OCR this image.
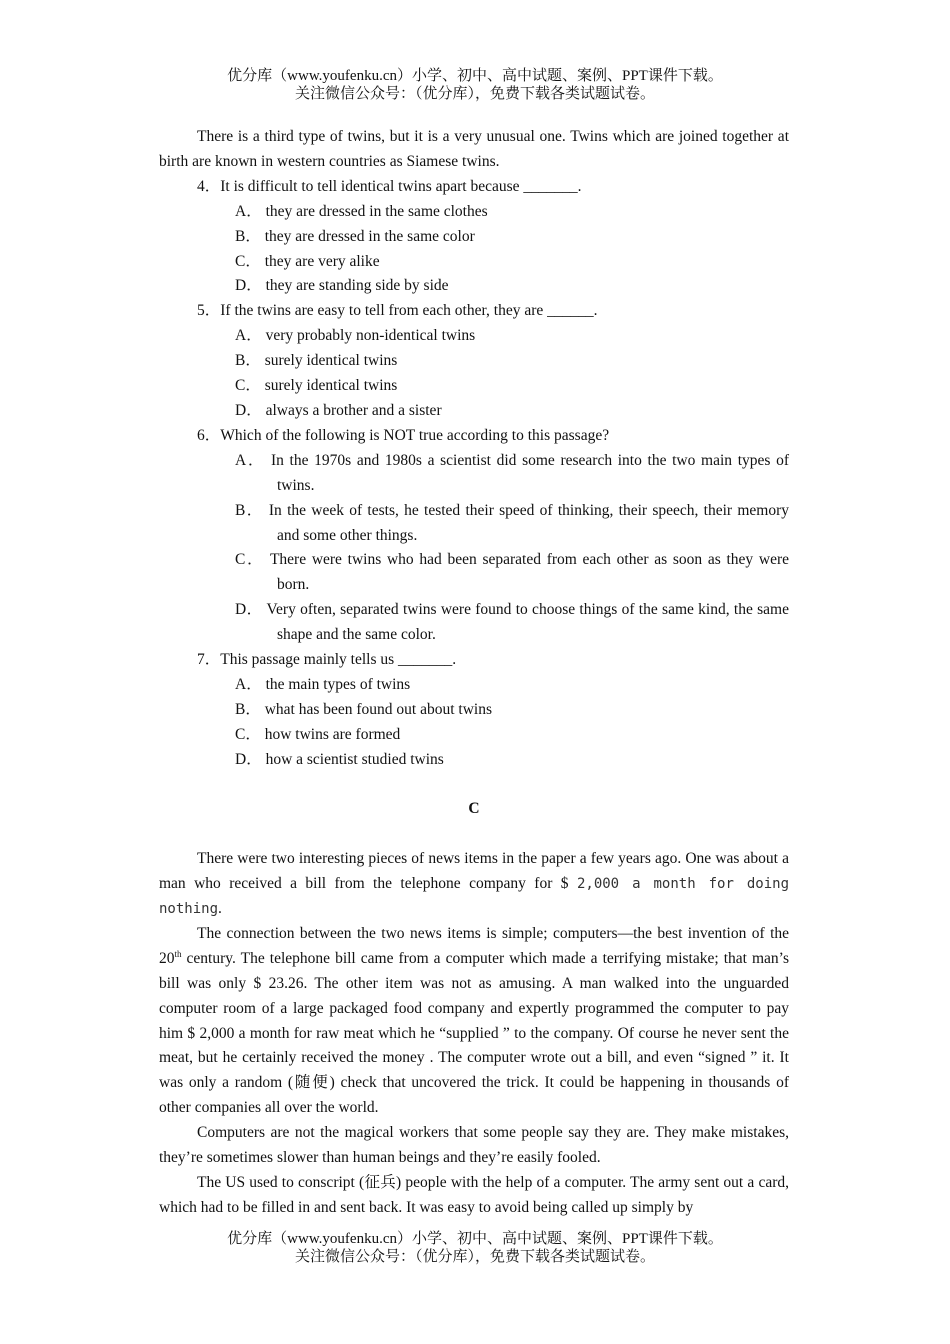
优分库（www.youfenku.cn）小学、初中、高中试题、案例、PPT课件下载。
关注微信公众号：（优分库），免费下载各类试题试卷。

There is a third type of twins, but it is a very unusual one. Twins which are joined together at birth are known in western countries as Siamese twins.

4．It is difficult to tell identical twins apart because _______.

A． they are dressed in the same clothes

B． they are dressed in the same color

C． they are very alike

D． they are standing side by side

5．If the twins are easy to tell from each other, they are ______.

A． very probably non-identical twins

B． surely identical twins

C． surely identical twins

D． always a brother and a sister

6．Which of the following is NOT true according to this passage?

A． In the 1970s and 1980s a scientist did some research into the two main types of twins.

B． In the week of tests, he tested their speed of thinking, their speech, their memory and some other things.

C． There were twins who had been separated from each other as soon as they were born.

D． Very often, separated twins were found to choose things of the same kind, the same shape and the same color.

7．This passage mainly tells us _______.

A． the main types of twins

B． what has been found out about twins

C． how twins are formed

D． how a scientist studied twins

C

There were two interesting pieces of news items in the paper a few years ago. One was about a man who received a bill from the telephone company for $ 2,000 a month for doing nothing.

The connection between the two news items is simple; computers—the best invention of the 20th century. The telephone bill came from a computer which made a terrifying mistake; that man’s bill was only $ 23.26. The other item was not as amusing. A man walked into the unguarded computer room of a large packaged food company and expertly programmed the computer to pay him $ 2,000 a month for raw meat which he “supplied ” to the company. Of course he never sent the meat, but he certainly received the money . The computer wrote out a bill, and even “signed ” it. It was only a random (随便) check that uncovered the trick. It could be happening in thousands of other companies all over the world.

Computers are not the magical workers that some people say they are. They make mistakes, they’re sometimes slower than human beings and they’re easily fooled.

The US used to conscript (征兵) people with the help of a computer. The army sent out a card, which had to be filled in and sent back. It was easy to avoid being called up simply by

优分库（www.youfenku.cn）小学、初中、高中试题、案例、PPT课件下载。
关注微信公众号：（优分库），免费下载各类试题试卷。
